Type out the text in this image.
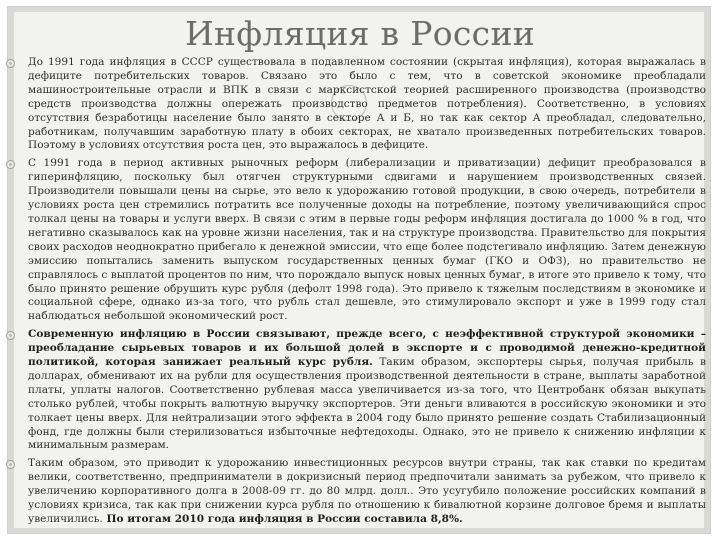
Инфляция в России

До 1991 года инфляция в СССР существовала в подавленном состоянии (скрытая инфляция), которая выражалась в дефиците потребительских товаров. Связано это было с тем, что в советской экономике преобладали машиностроительные отрасли и ВПК в связи с марксистской теорией расширенного производства (производство средств производства должны опережать производство предметов потребления). Соответственно, в условиях отсутствия безработицы население было занято в секторе А и Б, но так как сектор А преобладал, следовательно, работникам, получавшим заработную плату в обоих секторах, не хватало произведенных потребительских товаров. Поэтому в условиях отсутствия роста цен, это выражалось в дефиците.

С 1991 года в период активных рыночных реформ (либерализации и приватизации) дефицит преобразовался в гиперинфляцию, поскольку был отягчен структурными сдвигами и нарушением производственных связей. Производители повышали цены на сырье, это вело к удорожанию готовой продукции, в свою очередь, потребители в условиях роста цен стремились потратить все полученные доходы на потребление, поэтому увеличивающийся спрос толкал цены на товары и услуги вверх. В связи с этим в первые годы реформ инфляция достигала до 1000 % в год, что негативно сказывалось как на уровне жизни населения, так и на структуре производства. Правительство для покрытия своих расходов неоднократно прибегало к денежной эмиссии, что еще более подстегивало инфляцию. Затем денежную эмиссию попытались заменить выпуском государственных ценных бумаг (ГКО и ОФЗ), но правительство не справлялось с выплатой процентов по ним, что порождало выпуск новых ценных бумаг, в итоге это привело к тому, что было принято решение обрушить курс рубля (дефолт 1998 года). Это привело к тяжелым последствиям в экономике и социальной сфере, однако из-за того, что рубль стал дешевле, это стимулировало экспорт и уже в 1999 году стал наблюдаться небольшой экономический рост.

Современную инфляцию в России связывают, прежде всего, с неэффективной структурой экономики – преобладание сырьевых товаров и их большой долей в экспорте и с проводимой денежно-кредитной политикой, которая занижает реальный курс рубля. Таким образом, экспортеры сырья, получая прибыль в долларах, обменивают их на рубли для осуществления производственной деятельности в стране, выплаты заработной платы, уплаты налогов. Соответственно рублевая масса увеличивается из-за того, что Центробанк обязан выкупать столько рублей, чтобы покрыть валютную выручку экспортеров. Эти деньги вливаются в российскую экономики и это толкает цены вверх. Для нейтрализации этого эффекта в 2004 году было принято решение создать Стабилизационный фонд, где должны были стерилизоваться избыточные нефтедоходы. Однако, это не привело к снижению инфляции к минимальным размерам.

Таким образом, это приводит к удорожанию инвестиционных ресурсов внутри страны, так как ставки по кредитам велики, соответственно, предприниматели в докризисный период предпочитали занимать за рубежом, что привело к увеличению корпоративного долга в 2008-09 гг. до 80 млрд. долл.. Это усугубило положение российских компаний в условиях кризиса, так как при снижении курса рубля по отношению к бивалютной корзине долговое бремя и выплаты увеличились. По итогам 2010 года инфляция в России составила 8,8%.
